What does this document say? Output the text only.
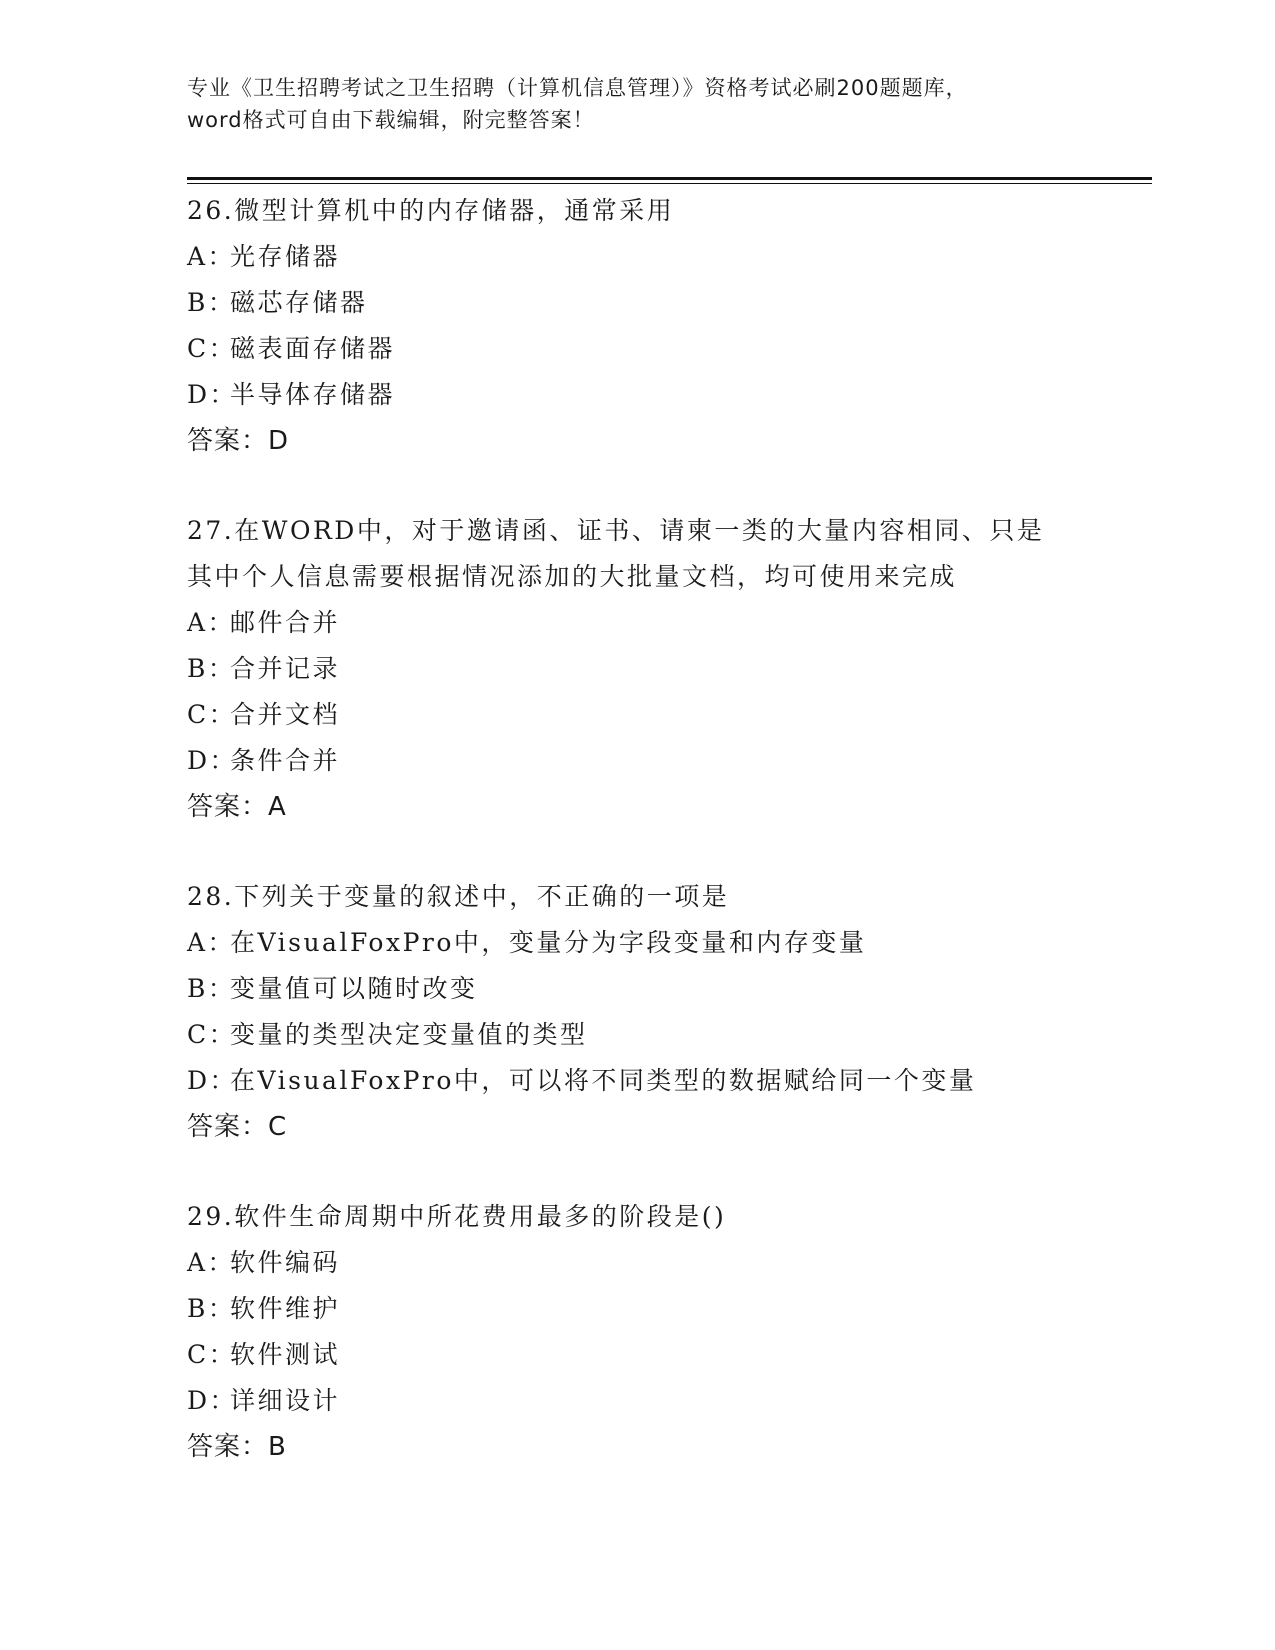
专业《卫生招聘考试之卫生招聘（计算机信息管理）》资格考试必刷200题题库，
word格式可自由下载编辑，附完整答案！
26.微型计算机中的内存储器，通常采用
A：光存储器
B：磁芯存储器
C：磁表面存储器
D：半导体存储器
答案：D
27.在WORD中，对于邀请函、证书、请柬一类的大量内容相同、只是
其中个人信息需要根据情况添加的大批量文档，均可使用来完成
A：邮件合并
B：合并记录
C：合并文档
D：条件合并
答案：A
28.下列关于变量的叙述中，不正确的一项是
A：在VisualFoxPro中，变量分为字段变量和内存变量
B：变量值可以随时改变
C：变量的类型决定变量值的类型
D：在VisualFoxPro中，可以将不同类型的数据赋给同一个变量
答案：C
29.软件生命周期中所花费用最多的阶段是()
A：软件编码
B：软件维护
C：软件测试
D：详细设计
答案：B
